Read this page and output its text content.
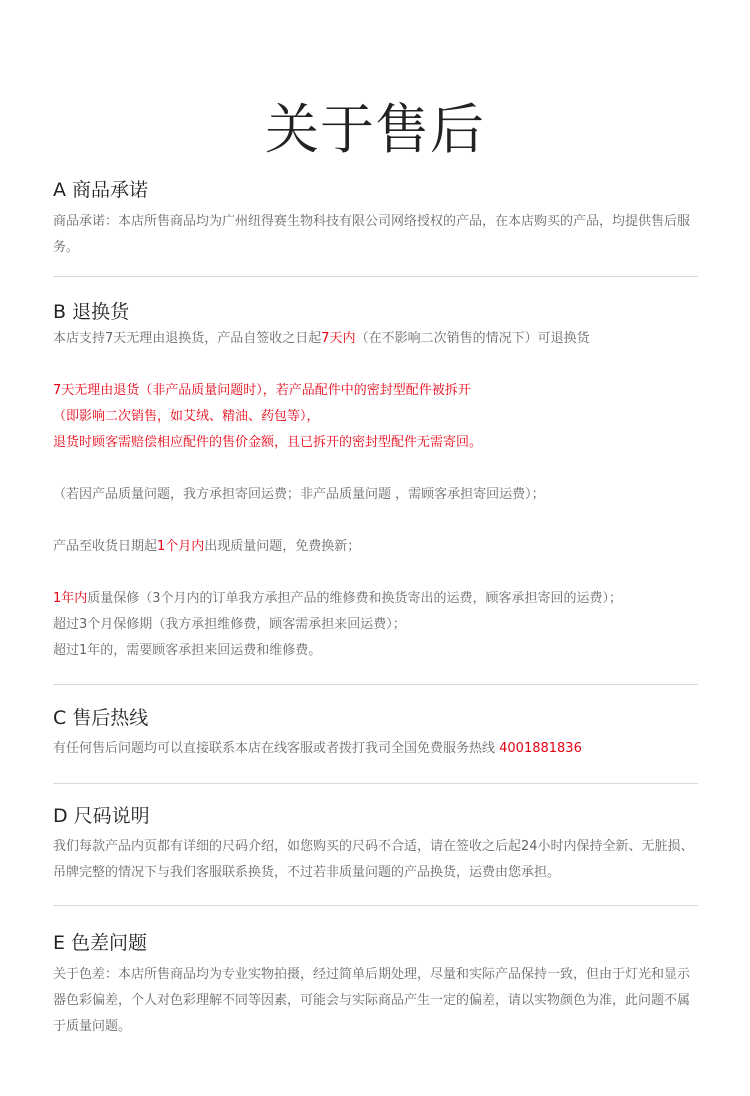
关于售后
A 商品承诺

商品承诺：本店所售商品均为广州纽得赛生物科技有限公司网络授权的产品，在本店购买的产品，均提供售后服务。

B 退换货
本店支持7天无理由退换货，产品自签收之日起7天内（在不影响二次销售的情况下）可退换货
7天无理由退货（非产品质量问题时），若产品配件中的密封型配件被拆开
（即影响二次销售，如艾绒、精油、药包等），
退货时顾客需赔偿相应配件的售价金额，且已拆开的密封型配件无需寄回。
（若因产品质量问题，我方承担寄回运费；非产品质量问题 ，需顾客承担寄回运费）；
产品至收货日期起1个月内出现质量问题，免费换新；
1年内质量保修（3个月内的订单我方承担产品的维修费和换货寄出的运费，顾客承担寄回的运费）；
超过3个月保修期（我方承担维修费，顾客需承担来回运费）；
超过1年的，需要顾客承担来回运费和维修费。
C 售后热线
有任何售后问题均可以直接联系本店在线客服或者拨打我司全国免费服务热线 4001881836
D 尺码说明

我们每款产品内页都有详细的尺码介绍，如您购买的尺码不合适，请在签收之后起24小时内保持全新、无脏损、吊牌完整的情况下与我们客服联系换货，不过若非质量问题的产品换货，运费由您承担。

E 色差问题

关于色差：本店所售商品均为专业实物拍摄，经过简单后期处理，尽量和实际产品保持一致，但由于灯光和显示器色彩偏差，个人对色彩理解不同等因素，可能会与实际商品产生一定的偏差，请以实物颜色为准，此问题不属于质量问题。
